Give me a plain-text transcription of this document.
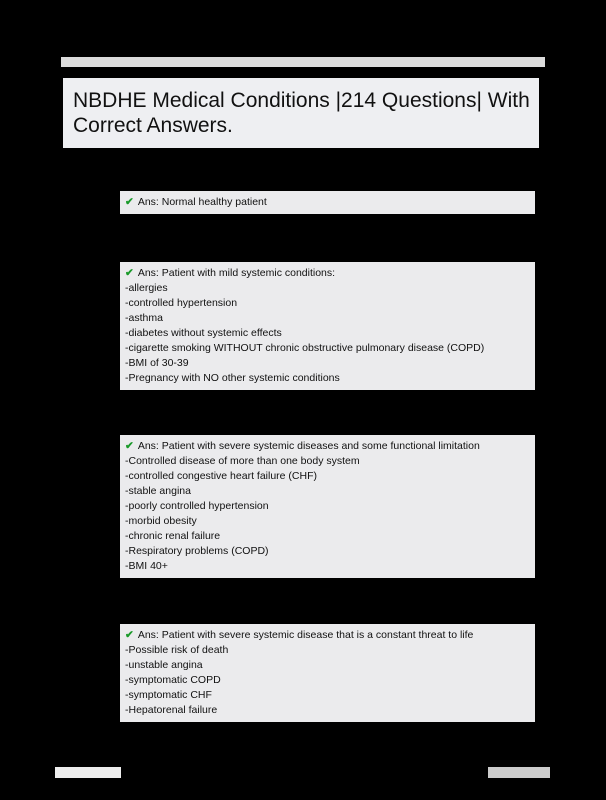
NBDHE Medical Conditions |214 Questions| With Correct Answers.
✔ Ans: Normal healthy patient
✔ Ans: Patient with mild systemic conditions:
-allergies
-controlled hypertension
-asthma
-diabetes without systemic effects
-cigarette smoking WITHOUT chronic obstructive pulmonary disease (COPD)
-BMI of 30-39
-Pregnancy with NO other systemic conditions
✔ Ans: Patient with severe systemic diseases and some functional limitation
-Controlled disease of more than one body system
-controlled congestive heart failure (CHF)
-stable angina
-poorly controlled hypertension
-morbid obesity
-chronic renal failure
-Respiratory problems (COPD)
-BMI 40+
✔ Ans: Patient with severe systemic disease that is a constant threat to life
-Possible risk of death
-unstable angina
-symptomatic COPD
-symptomatic CHF
-Hepatorenal failure
